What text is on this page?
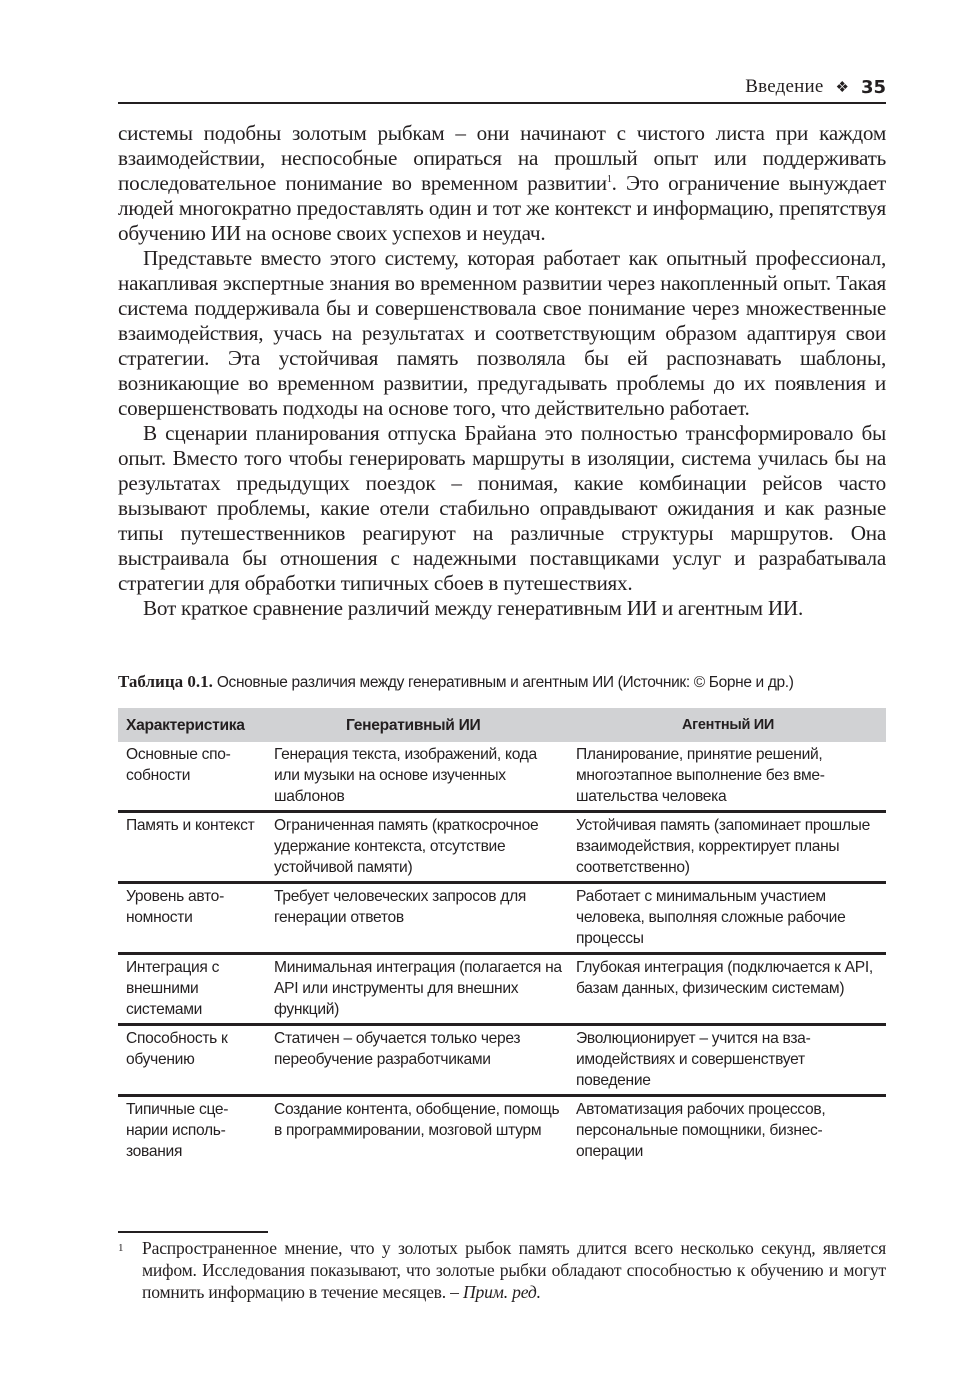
Введение ❖ 35

системы подобны золотым рыбкам – они начинают с чистого листа при каждом взаимодействии, неспособные опираться на прошлый опыт или поддерживать последовательное понимание во временном развитии$^1$. Это ограничение вынуждает людей многократно предоставлять один и тот же контекст и информацию, препятствуя обучению ИИ на основе своих успехов и неудач.

Представьте вместо этого систему, которая работает как опытный профессионал, накапливая экспертные знания во временном развитии через накопленный опыт. Такая система поддерживала бы и совершенствовала свое понимание через множественные взаимодействия, учась на результатах и соответствующим образом адаптируя свои стратегии. Эта устойчивая память позволяла бы ей распознавать шаблоны, возникающие во временном развитии, предугадывать проблемы до их появления и совершенствовать подходы на основе того, что действительно работает.

В сценарии планирования отпуска Брайана это полностью трансформировало бы опыт. Вместо того чтобы генерировать маршруты в изоляции, система училась бы на результатах предыдущих поездок – понимая, какие комбинации рейсов часто вызывают проблемы, какие отели стабильно оправдывают ожидания и как разные типы путешественников реагируют на различные структуры маршрутов. Она выстраивала бы отношения с надежными поставщиками услуг и разрабатывала стратегии для обработки типичных сбоев в путешествиях.

Вот краткое сравнение различий между генеративным ИИ и агентным ИИ.

Таблица 0.1. Основные различия между генеративным и агентным ИИ (Источник: © Борне и др.)
Характеристика	Генеративный ИИ	Агентный ИИ
Основные способности	Генерация текста, изображений, кода или музыки на основе изученных шаблонов	Планирование, принятие решений, многоэтапное выполнение без вмешательства человека
Память и контекст	Ограниченная память (краткосрочное удержание контекста, отсутствие устойчивой памяти)	Устойчивая память (запоминает прошлые взаимодействия, корректирует планы соответственно)
Уровень автономности	Требует человеческих запросов для генерации ответов	Работает с минимальным участием человека, выполняя сложные рабочие процессы
Интеграция с внешними системами	Минимальная интеграция (полагается на API или инструменты для внешних функций)	Глубокая интеграция (подключается к API, базам данных, физическим системам)
Способность к обучению	Статичен – обучается только через переобучение разработчиками	Эволюционирует – учится на взаимодействиях и совершенствует поведение
Типичные сценарии использования	Создание контента, обобщение, помощь в программировании, мозговой штурм	Автоматизация рабочих процессов, персональные помощники, бизнес-операции
1 Распространенное мнение, что у золотых рыбок память длится всего несколько секунд, является мифом. Исследования показывают, что золотые рыбки обладают способностью к обучению и могут помнить информацию в течение месяцев. – Прим. ред.
